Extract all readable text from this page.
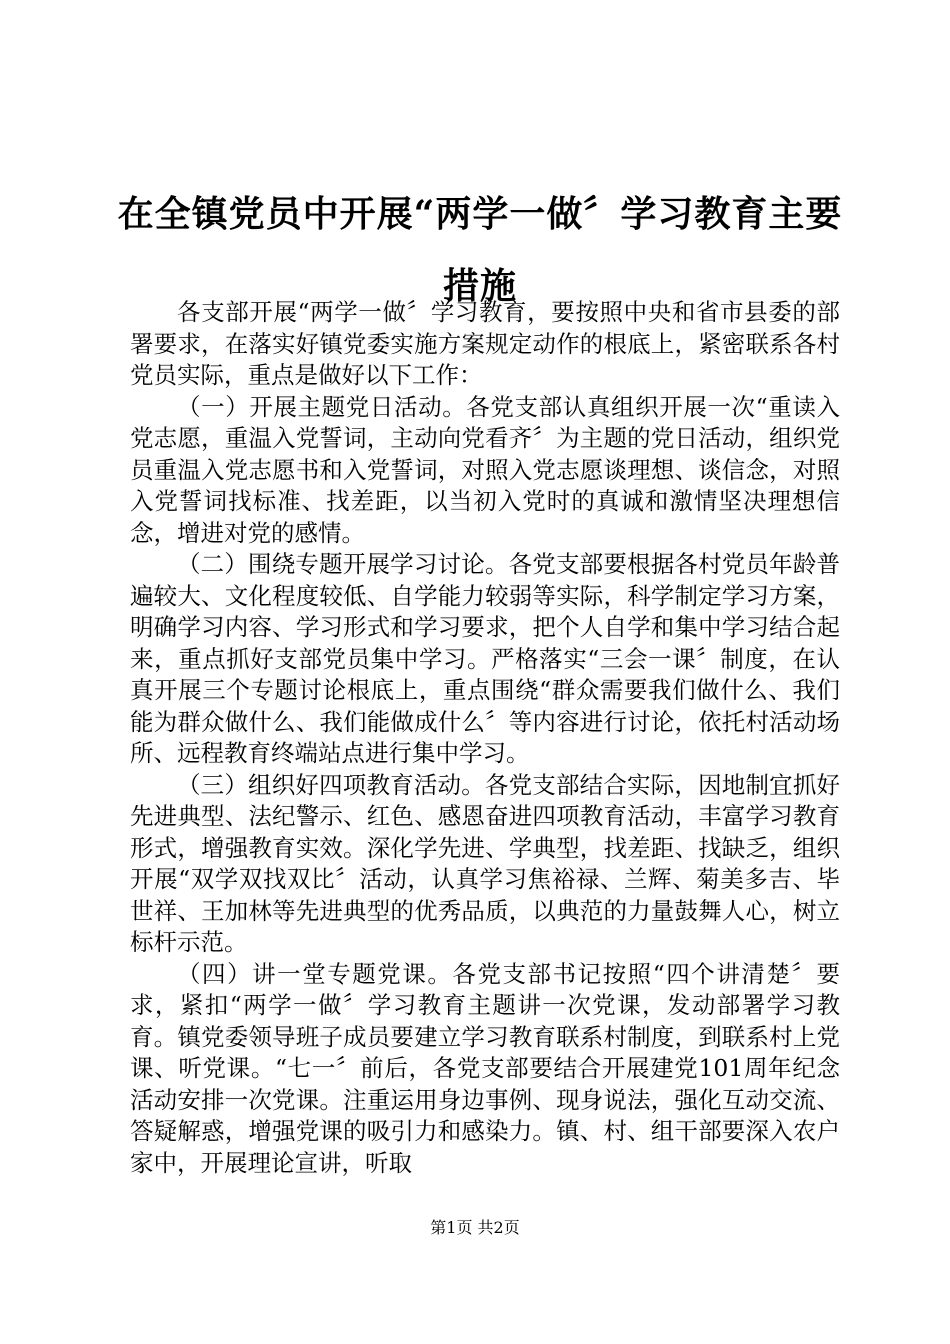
在全镇党员中开展“两学一做〞学习教育主要措施

各支部开展“两学一做〞学习教育，要按照中央和省市县委的部署要求，在落实好镇党委实施方案规定动作的根底上，紧密联系各村党员实际，重点是做好以下工作：

（一）开展主题党日活动。各党支部认真组织开展一次“重读入党志愿，重温入党誓词，主动向党看齐〞为主题的党日活动，组织党员重温入党志愿书和入党誓词，对照入党志愿谈理想、谈信念，对照入党誓词找标准、找差距，以当初入党时的真诚和激情坚决理想信念，增进对党的感情。

（二）围绕专题开展学习讨论。各党支部要根据各村党员年龄普遍较大、文化程度较低、自学能力较弱等实际，科学制定学习方案，明确学习内容、学习形式和学习要求，把个人自学和集中学习结合起来，重点抓好支部党员集中学习。严格落实“三会一课〞制度，在认真开展三个专题讨论根底上，重点围绕“群众需要我们做什么、我们能为群众做什么、我们能做成什么〞等内容进行讨论，依托村活动场所、远程教育终端站点进行集中学习。

（三）组织好四项教育活动。各党支部结合实际，因地制宜抓好先进典型、法纪警示、红色、感恩奋进四项教育活动，丰富学习教育形式，增强教育实效。深化学先进、学典型，找差距、找缺乏，组织开展“双学双找双比〞活动，认真学习焦裕禄、兰辉、菊美多吉、毕世祥、王加林等先进典型的优秀品质，以典范的力量鼓舞人心，树立标杆示范。

（四）讲一堂专题党课。各党支部书记按照“四个讲清楚〞要求，紧扣“两学一做〞学习教育主题讲一次党课，发动部署学习教育。镇党委领导班子成员要建立学习教育联系村制度，到联系村上党课、听党课。“七一〞前后，各党支部要结合开展建党101周年纪念活动安排一次党课。注重运用身边事例、现身说法，强化互动交流、答疑解惑，增强党课的吸引力和感染力。镇、村、组干部要深入农户家中，开展理论宣讲，听取

第1页 共2页
